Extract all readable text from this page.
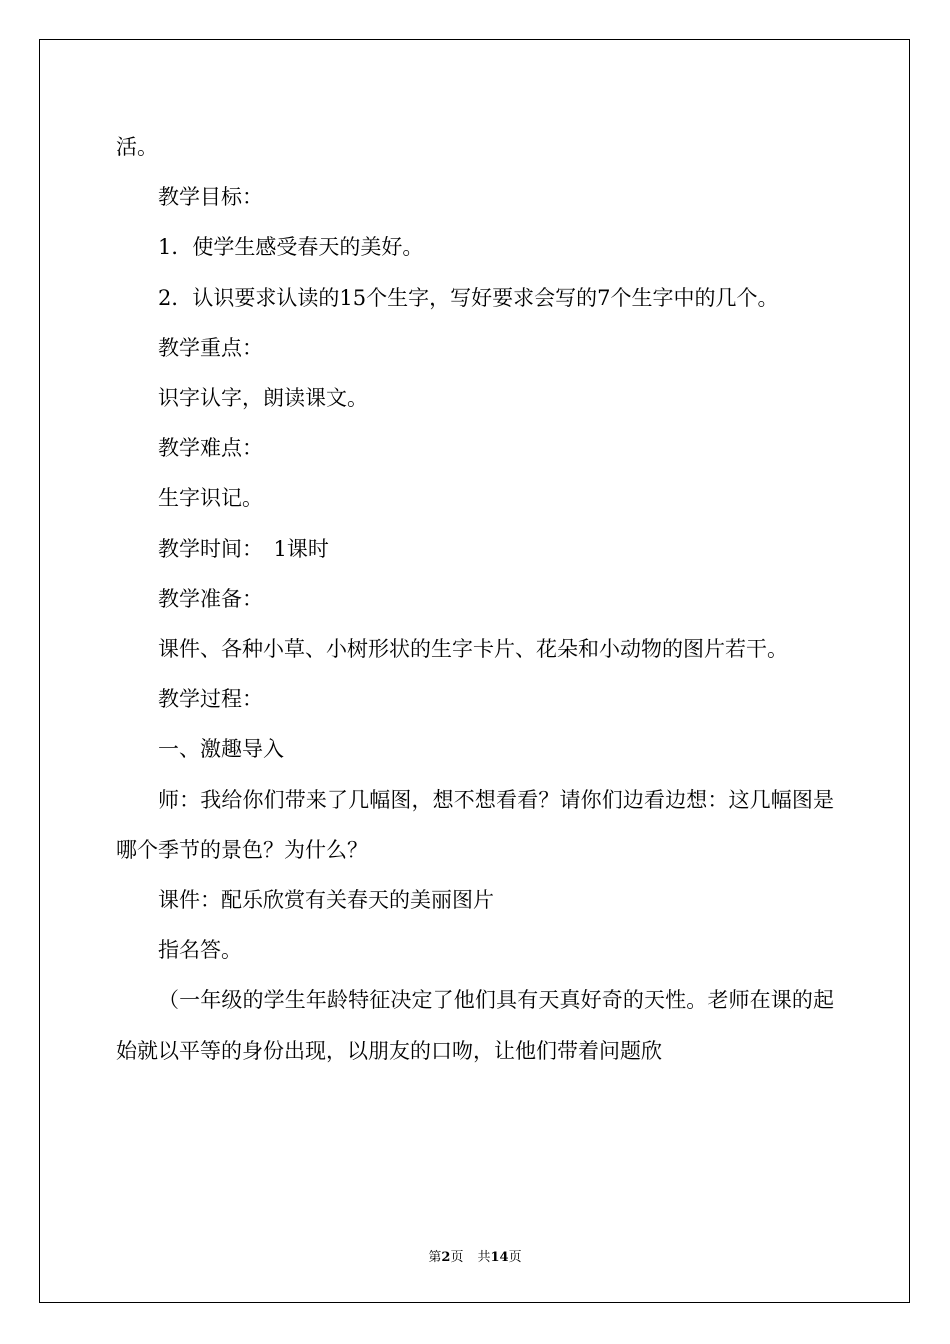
活。

教学目标：

1．使学生感受春天的美好。

2．认识要求认读的15个生字，写好要求会写的7个生字中的几个。

教学重点：

识字认字，朗读课文。

教学难点：

生字识记。

教学时间：　1课时

教学准备：

课件、各种小草、小树形状的生字卡片、花朵和小动物的图片若干。

教学过程：

一、激趣导入

师：我给你们带来了几幅图，想不想看看？请你们边看边想：这几幅图是哪个季节的景色？为什么？

课件：配乐欣赏有关春天的美丽图片

指名答。

（一年级的学生年龄特征决定了他们具有天真好奇的天性。老师在课的起始就以平等的身份出现，以朋友的口吻，让他们带着问题欣

第2页 共14页
